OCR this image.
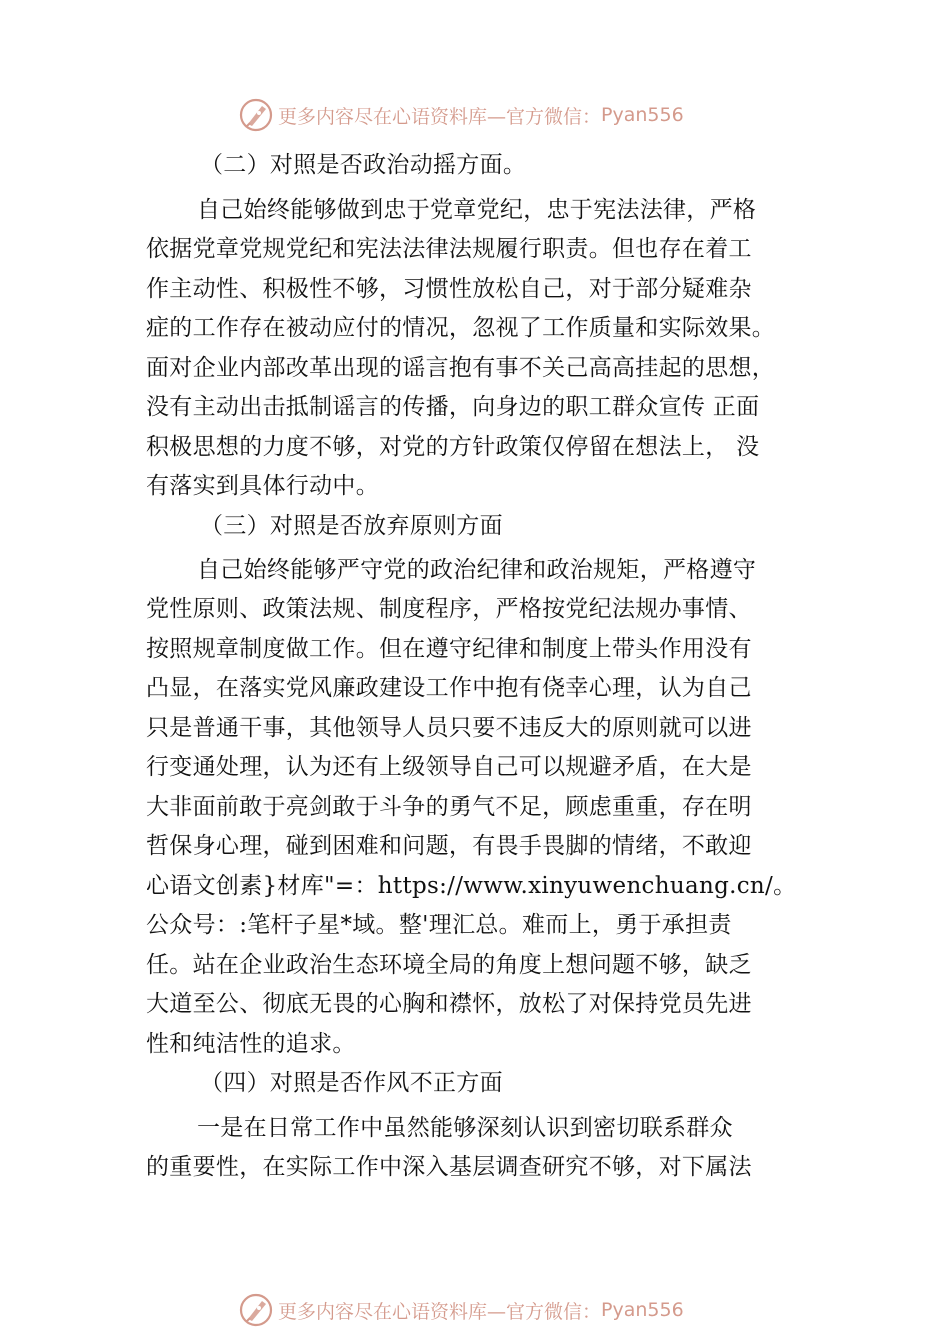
更多内容尽在心语资料库—官方微信： Pyan556
（二）对照是否政治动摇方面。
自己始终能够做到忠于党章党纪，忠于宪法法律，严格
依据党章党规党纪和宪法法律法规履行职责。但也存在着工
作主动性、积极性不够，习惯性放松自己，对于部分疑难杂
症的工作存在被动应付的情况，忽视了工作质量和实际效果。
面对企业内部改革出现的谣言抱有事不关己高高挂起的思想，
没有主动出击抵制谣言的传播，向身边的职工群众宣传 正面
积极思想的力度不够，对党的方针政策仅停留在想法上， 没
有落实到具体行动中。
（三）对照是否放弃原则方面
自己始终能够严守党的政治纪律和政治规矩，严格遵守
党性原则、政策法规、制度程序，严格按党纪法规办事情、
按照规章制度做工作。但在遵守纪律和制度上带头作用没有
凸显，在落实党风廉政建设工作中抱有侥幸心理，认为自己
只是普通干事，其他领导人员只要不违反大的原则就可以进
行变通处理，认为还有上级领导自己可以规避矛盾，在大是
大非面前敢于亮剑敢于斗争的勇气不足，顾虑重重，存在明
哲保身心理，碰到困难和问题，有畏手畏脚的情绪，不敢迎
心语文创素}材库"=：https://www.xinyuwenchuang.cn/。
公众号：:笔杆子星*域。整'理汇总。难而上，勇于承担责
任。站在企业政治生态环境全局的角度上想问题不够，缺乏
大道至公、彻底无畏的心胸和襟怀，放松了对保持党员先进
性和纯洁性的追求。
（四）对照是否作风不正方面
一是在日常工作中虽然能够深刻认识到密切联系群众
的重要性，在实际工作中深入基层调查研究不够，对下属法
更多内容尽在心语资料库—官方微信： Pyan556
